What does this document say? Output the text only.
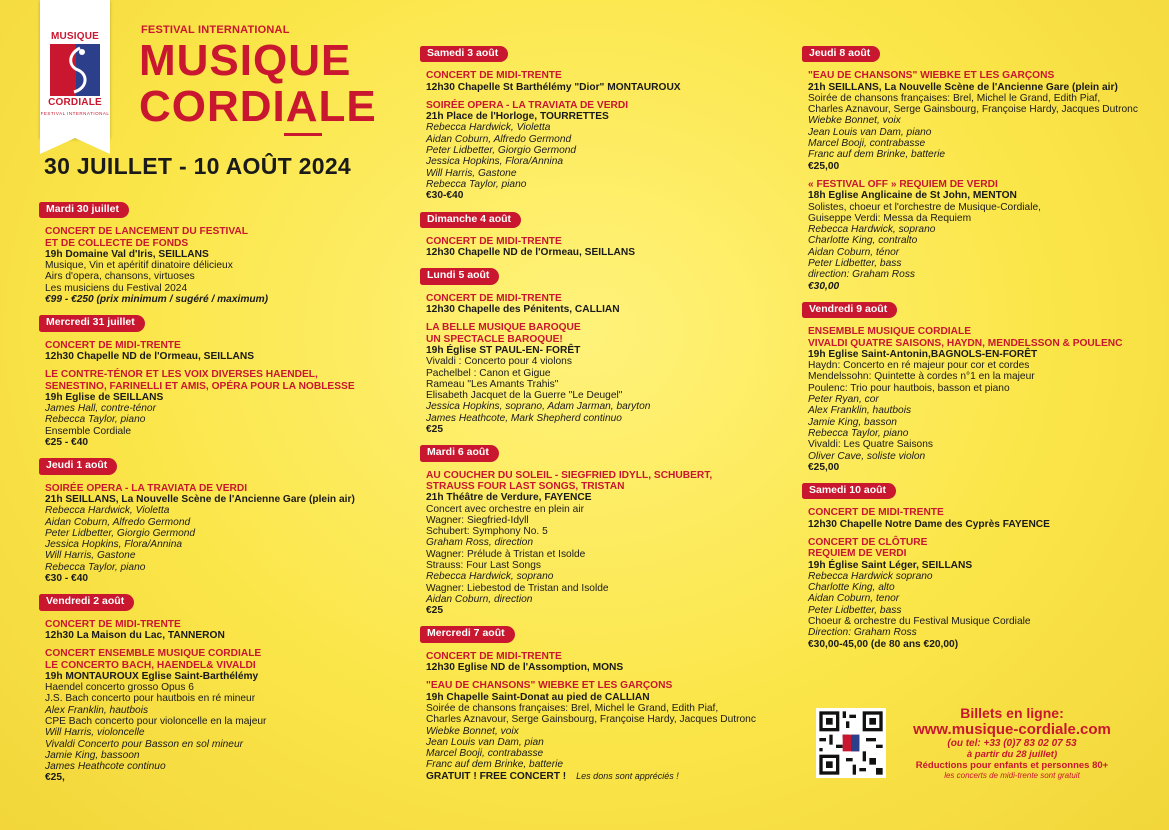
MUSIQUE
CORDIALE
FESTIVAL INTERNATIONAL
FESTIVAL INTERNATIONAL
MUSIQUE
CORDIALE
30 JUILLET - 10 AOÛT 2024
Mardi 30 juillet

CONCERT DE LANCEMENT DU FESTIVAL
ET DE COLLECTE DE FONDS
19h Domaine Val d'Iris, SEILLANS
Musique, Vin et apéritif dinatoire délicieux
Airs d'opera, chansons, virtuoses
Les musiciens du Festival 2024
€99 - €250 (prix minimum / sugéré / maximum)
Mercredi 31 juillet

CONCERT DE MIDI-TRENTE
12h30 Chapelle ND de l'Ormeau, SEILLANS
LE CONTRE-TÉNOR ET LES VOIX DIVERSES HAENDEL,
SENESTINO, FARINELLI ET AMIS, OPÉRA POUR LA NOBLESSE
19h Eglise de SEILLANS
James Hall, contre-ténor
Rebecca Taylor, piano
Ensemble Cordiale
€25 - €40
Jeudi 1 août

SOIRÉE OPERA - LA TRAVIATA DE VERDI
21h SEILLANS, La Nouvelle Scène de l'Ancienne Gare (plein air)
Rebecca Hardwick, Violetta
Aidan Coburn, Alfredo Germond
Peter Lidbetter, Giorgio Germond
Jessica Hopkins, Flora/Annina
Will Harris, Gastone
Rebecca Taylor, piano
€30 - €40
Vendredi 2 août

CONCERT DE MIDI-TRENTE
12h30 La Maison du Lac, TANNERON
CONCERT ENSEMBLE MUSIQUE CORDIALE
LE CONCERTO BACH, HAENDEL& VIVALDI
19h MONTAUROUX Eglise Saint-Barthélémy
Haendel concerto grosso Opus 6
J.S. Bach concerto pour hautbois en ré mineur
Alex Franklin, hautbois
CPE Bach concerto pour violoncelle en la majeur
Will Harris, violoncelle
Vivaldi Concerto pour Basson en sol mineur
Jamie King, bassoon
James Heathcote continuo
€25,
Samedi 3 août

CONCERT DE MIDI-TRENTE
12h30 Chapelle St Barthélémy "Dior" MONTAUROUX
SOIRÉE OPERA - LA TRAVIATA DE VERDI
21h Place de l'Horloge, TOURRETTES
Rebecca Hardwick, Violetta
Aidan Coburn, Alfredo Germond
Peter Lidbetter, Giorgio Germond
Jessica Hopkins, Flora/Annina
Will Harris, Gastone
Rebecca Taylor, piano
€30-€40
Dimanche 4 août

CONCERT DE MIDI-TRENTE
12h30 Chapelle ND de l'Ormeau, SEILLANS
Lundi 5 août

CONCERT DE MIDI-TRENTE
12h30 Chapelle des Pénitents, CALLIAN
LA BELLE MUSIQUE BAROQUE
UN SPECTACLE BAROQUE!
19h Église ST PAUL-EN- FORÊT
Vivaldi : Concerto pour 4 violons
Pachelbel : Canon et Gigue
Rameau "Les Amants Trahis"
Elisabeth Jacquet de la Guerre "Le Deugel"
Jessica Hopkins, soprano, Adam Jarman, baryton
James Heathcote, Mark Shepherd continuo
€25
Mardi 6 août

AU COUCHER DU SOLEIL - SIEGFRIED IDYLL, SCHUBERT,
STRAUSS FOUR LAST SONGS, TRISTAN
21h Théâtre de Verdure, FAYENCE
Concert avec orchestre en plein air
Wagner: Siegfried-Idyll
Schubert: Symphony No. 5
Graham Ross, direction
Wagner: Prélude à Tristan et Isolde
Strauss: Four Last Songs
Rebecca Hardwick, soprano
Wagner: Liebestod de Tristan and Isolde
Aidan Coburn, direction
€25
Mercredi 7 août

CONCERT DE MIDI-TRENTE
12h30 Eglise ND de l'Assomption, MONS
"EAU DE CHANSONS" WIEBKE ET LES GARÇONS
19h Chapelle Saint-Donat au pied de CALLIAN
Soirée de chansons françaises: Brel, Michel le Grand, Edith Piaf,
Charles Aznavour, Serge Gainsbourg, Françoise Hardy, Jacques Dutronc
Wiebke Bonnet, voix
Jean Louis van Dam, pian
Marcel Booji, contrabasse
Franc auf dem Brinke, batterie
GRATUIT ! FREE CONCERT ! Les dons sont appréciés !
Jeudi 8 août

"EAU DE CHANSONS" WIEBKE ET LES GARÇONS
21h SEILLANS, La Nouvelle Scène de l'Ancienne Gare (plein air)
Soirée de chansons françaises: Brel, Michel le Grand, Edith Piaf,
Charles Aznavour, Serge Gainsbourg, Françoise Hardy, Jacques Dutronc
Wiebke Bonnet, voix
Jean Louis van Dam, piano
Marcel Booji, contrabasse
Franc auf dem Brinke, batterie
€25,00
« FESTIVAL OFF » REQUIEM DE VERDI
18h Eglise Anglicaine de St John, MENTON
Solistes, choeur et l'orchestre de Musique-Cordiale,
Guiseppe Verdi: Messa da Requiem
Rebecca Hardwick, soprano
Charlotte King, contralto
Aidan Coburn, ténor
Peter Lidbetter, bass
direction: Graham Ross
€30,00
Vendredi 9 août

ENSEMBLE MUSIQUE CORDIALE
VIVALDI QUATRE SAISONS, HAYDN, MENDELSSON & POULENC
19h Eglise Saint-Antonin,BAGNOLS-EN-FORÊT
Haydn: Concerto en ré majeur pour cor et cordes
Mendelssohn: Quintette à cordes n°1 en la majeur
Poulenc: Trio pour hautbois, basson et piano
Peter Ryan, cor
Alex Franklin, hautbois
Jamie King, basson
Rebecca Taylor, piano
Vivaldi: Les Quatre Saisons
Oliver Cave, soliste violon
€25,00
Samedi 10 août

CONCERT DE MIDI-TRENTE
12h30 Chapelle Notre Dame des Cyprès FAYENCE
CONCERT DE CLÔTURE
REQUIEM DE VERDI
19h Église Saint Léger, SEILLANS
Rebecca Hardwick soprano
Charlotte King, alto
Aidan Coburn, tenor
Peter Lidbetter, bass
Choeur & orchestre du Festival Musique Cordiale
Direction: Graham Ross
€30,00-45,00 (de 80 ans €20,00)
Billets en ligne:
www.musique-cordiale.com
(ou tel: +33 (0)7 83 02 07 53
à partir du 28 juillet)
Réductions pour enfants et personnes 80+
les concerts de midi-trente sont gratuit
